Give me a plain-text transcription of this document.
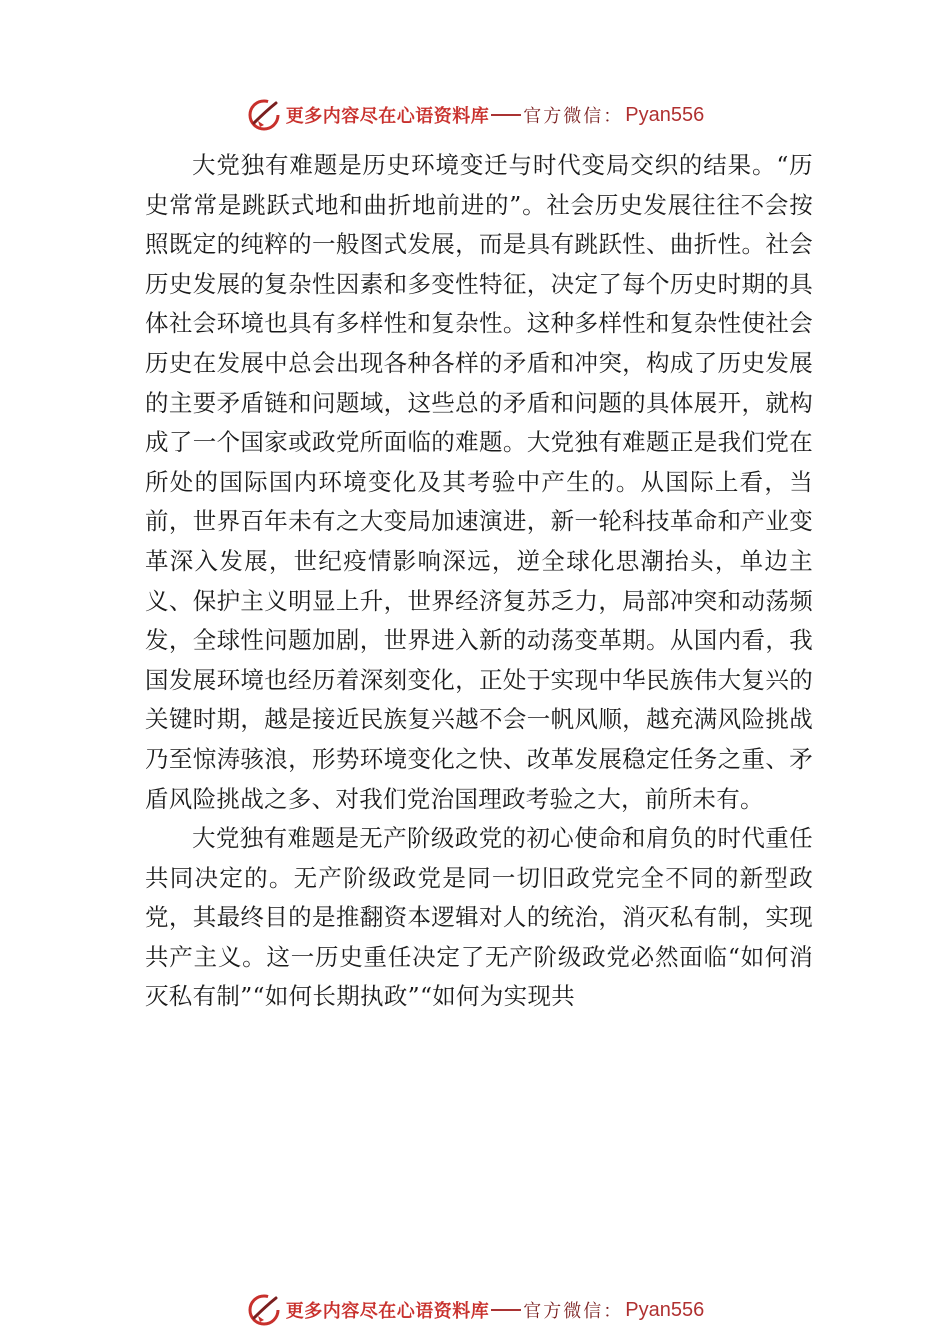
更多内容尽在心语资料库 官方微信： Pyan556

大党独有难题是历史环境变迁与时代变局交织的结果。“历史常常是跳跃式地和曲折地前进的”。社会历史发展往往不会按照既定的纯粹的一般图式发展，而是具有跳跃性、曲折性。社会历史发展的复杂性因素和多变性特征，决定了每个历史时期的具体社会环境也具有多样性和复杂性。这种多样性和复杂性使社会历史在发展中总会出现各种各样的矛盾和冲突，构成了历史发展的主要矛盾链和问题域，这些总的矛盾和问题的具体展开，就构成了一个国家或政党所面临的难题。大党独有难题正是我们党在所处的国际国内环境变化及其考验中产生的。从国际上看，当前，世界百年未有之大变局加速演进，新一轮科技革命和产业变革深入发展，世纪疫情影响深远，逆全球化思潮抬头，单边主义、保护主义明显上升，世界经济复苏乏力，局部冲突和动荡频发，全球性问题加剧，世界进入新的动荡变革期。从国内看，我国发展环境也经历着深刻变化，正处于实现中华民族伟大复兴的关键时期，越是接近民族复兴越不会一帆风顺，越充满风险挑战乃至惊涛骇浪，形势环境变化之快、改革发展稳定任务之重、矛盾风险挑战之多、对我们党治国理政考验之大，前所未有。

大党独有难题是无产阶级政党的初心使命和肩负的时代重任共同决定的。无产阶级政党是同一切旧政党完全不同的新型政党，其最终目的是推翻资本逻辑对人的统治，消灭私有制，实现共产主义。这一历史重任决定了无产阶级政党必然面临“如何消灭私有制”“如何长期执政”“如何为实现共

更多内容尽在心语资料库 官方微信： Pyan556
